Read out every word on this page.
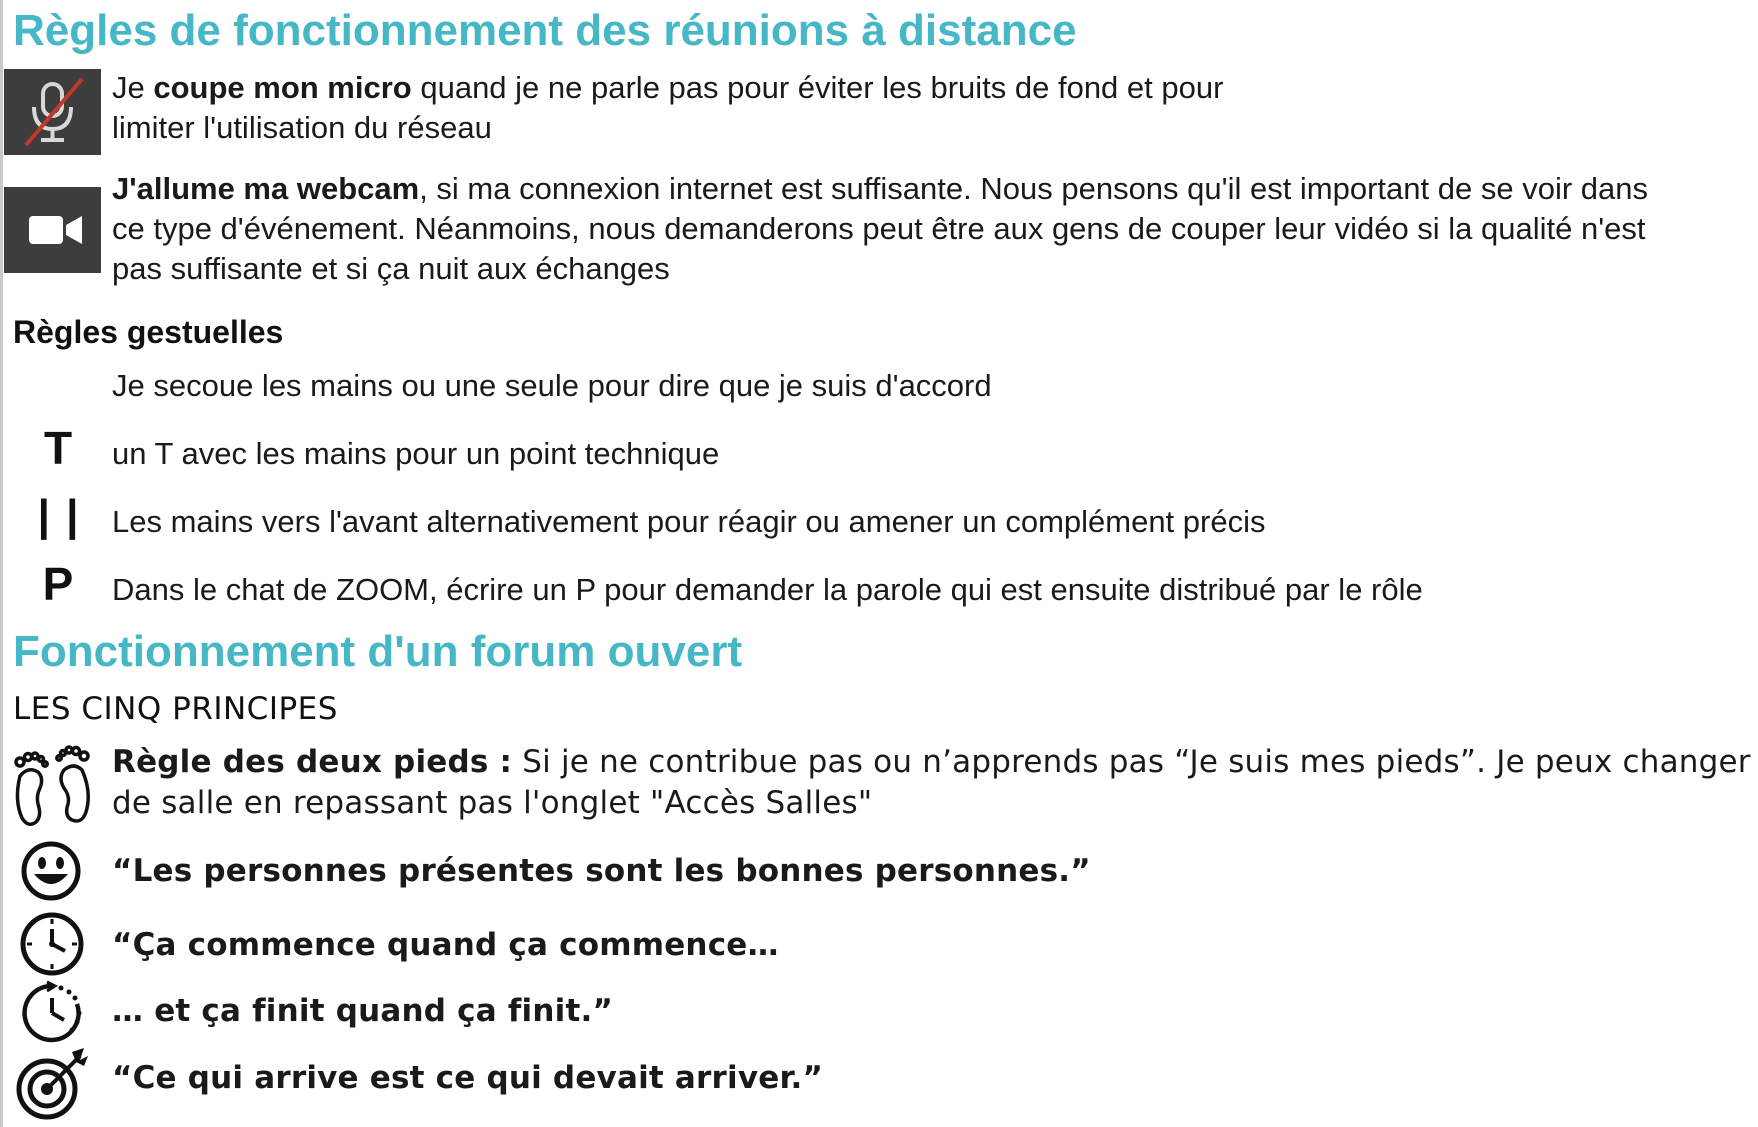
Règles de fonctionnement des réunions à distance

Je coupe mon micro quand je ne parle pas pour éviter les bruits de fond et pour

limiter l'utilisation du réseau

J'allume ma webcam, si ma connexion internet est suffisante. Nous pensons qu'il est important de se voir dans

ce type d'événement. Néanmoins, nous demanderons peut être aux gens de couper leur vidéo si la qualité n'est

pas suffisante et si ça nuit aux échanges

Règles gestuelles

Je secoue les mains ou une seule pour dire que je suis d'accord

T un T avec les mains pour un point technique

| | Les mains vers l'avant alternativement pour réagir ou amener un complément précis

P Dans le chat de ZOOM, écrire un P pour demander la parole qui est ensuite distribué par le rôle

Fonctionnement d'un forum ouvert
LES CINQ PRINCIPES

Règle des deux pieds : Si je ne contribue pas ou n’apprends pas “Je suis mes pieds”. Je peux changer

de salle en repassant pas l'onglet "Accès Salles"

“Les personnes présentes sont les bonnes personnes.”

“Ça commence quand ça commence…

… et ça finit quand ça finit.”

“Ce qui arrive est ce qui devait arriver.”
